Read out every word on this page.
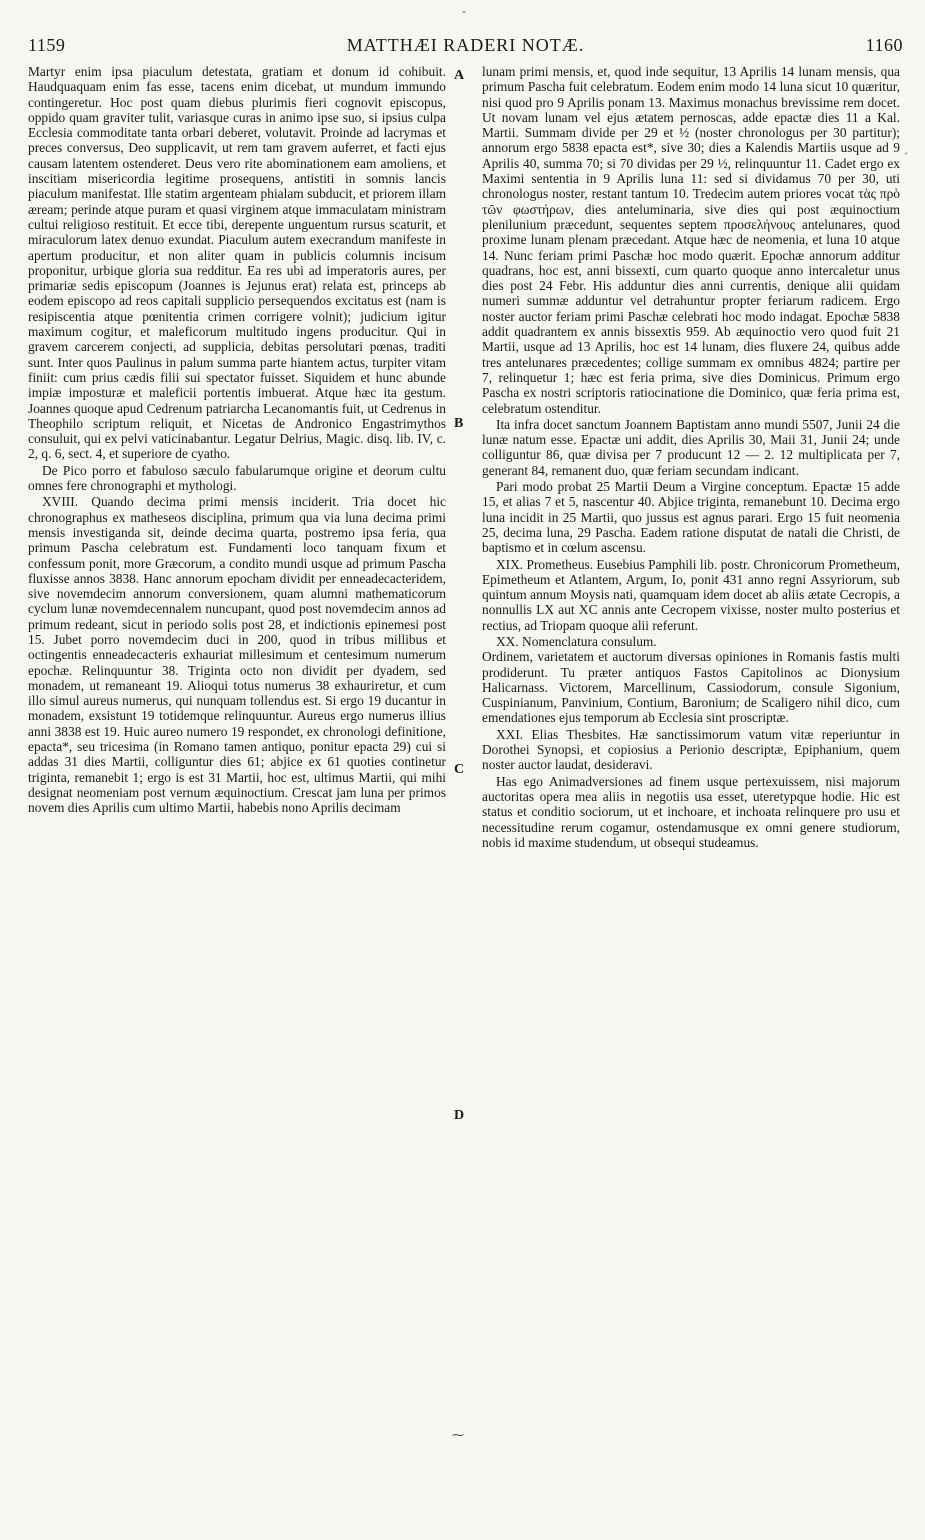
-
´
1159	MATTHÆI RADERI NOTÆ.	1160
A
B
C
D

Martyr enim ipsa piaculum detestata, gratiam et donum id cohibuit. Haudquaquam enim fas esse, tacens enim dicebat, ut mundum immundo contingeretur. Hoc post quam diebus plurimis fieri cognovit episcopus, oppido quam graviter tulit, variasque curas in animo ipse suo, si ipsius culpa Ecclesia commoditate tanta orbari deberet, volutavit. Proinde ad lacrymas et preces conversus, Deo supplicavit, ut rem tam gravem auferret, et facti ejus causam latentem ostenderet. Deus vero rite abominationem eam amoliens, et inscitiam misericordia legitime prosequens, antistiti in somnis lancis piaculum manifestat. Ille statim argenteam phialam subducit, et priorem illam æream; perinde atque puram et quasi virginem atque immaculatam ministram cultui religioso restituit. Et ecce tibi, derepente unguentum rursus scaturit, et miraculorum latex denuo exundat. Piaculum autem execrandum manifeste in apertum producitur, et non aliter quam in publicis columnis incisum proponitur, urbique gloria sua redditur. Ea res ubi ad imperatoris aures, per primariæ sedis episcopum (Joannes is Jejunus erat) relata est, princeps ab eodem episcopo ad reos capitali supplicio persequendos excitatus est (nam is resipiscentia atque pœnitentia crimen corrigere volnit); judicium igitur maximum cogitur, et maleficorum multitudo ingens producitur. Qui in gravem carcerem conjecti, ad supplicia, debitas persolutari pœnas, traditi sunt. Inter quos Paulinus in palum summa parte hiantem actus, turpiter vitam finiit: cum prius cædis filii sui spectator fuisset. Siquidem et hunc abunde impiæ imposturæ et maleficii portentis imbuerat. Atque hæc ita gestum. Joannes quoque apud Cedrenum patriarcha Lecanomantis fuit, ut Cedrenus in Theophilo scriptum reliquit, et Nicetas de Andronico Engastrimythos consuluit, qui ex pelvi vaticinabantur. Legatur Delrius, Magic. disq. lib. IV, c. 2, q. 6, sect. 4, et superiore de cyatho.

De Pico porro et fabuloso sæculo fabularumque origine et deorum cultu omnes fere chronographi et mythologi.

XVIII. Quando decima primi mensis inciderit. Tria docet hic chronographus ex matheseos disciplina, primum qua via luna decima primi mensis investiganda sit, deinde decima quarta, postremo ipsa feria, qua primum Pascha celebratum est. Fundamenti loco tanquam fixum et confessum ponit, more Græcorum, a condito mundi usque ad primum Pascha fluxisse annos 3838. Hanc annorum epocham dividit per enneadecacteridem, sive novemdecim annorum conversionem, quam alumni mathematicorum cyclum lunæ novemdecennalem nuncupant, quod post novemdecim annos ad primum redeant, sicut in periodo solis post 28, et indictionis epinemesi post 15. Jubet porro novemdecim duci in 200, quod in tribus millibus et octingentis enneadecacteris exhauriat millesimum et centesimum numerum epochæ. Relinquuntur 38. Triginta octo non dividit per dyadem, sed monadem, ut remaneant 19. Alioqui totus numerus 38 exhauriretur, et cum illo simul aureus numerus, qui nunquam tollendus est. Si ergo 19 ducantur in monadem, exsistunt 19 totidemque relinquuntur. Aureus ergo numerus illius anni 3838 est 19. Huic aureo numero 19 respondet, ex chronologi definitione, epacta*, seu tricesima (in Romano tamen antiquo, ponitur epacta 29) cui si addas 31 dies Martii, colliguntur dies 61; abjice ex 61 quoties continetur triginta, remanebit 1; ergo is est 31 Martii, hoc est, ultimus Martii, qui mihi designat neomeniam post vernum æquinoctium. Crescat jam luna per primos novem dies Aprilis cum ultimo Martii, habebis nono Aprilis decimam

lunam primi mensis, et, quod inde sequitur, 13 Aprilis 14 lunam mensis, qua primum Pascha fuit celebratum. Eodem enim modo 14 luna sicut 10 quæritur, nisi quod pro 9 Aprilis ponam 13. Maximus monachus brevissime rem docet. Ut novam lunam vel ejus ætatem pernoscas, adde epactæ dies 11 a Kal. Martii. Summam divide per 29 et ½ (noster chronologus per 30 partitur); annorum ergo 5838 epacta est*, sive 30; dies a Kalendis Martiis usque ad 9 Aprilis 40, summa 70; si 70 dividas per 29 ½, relinquuntur 11. Cadet ergo ex Maximi sententia in 9 Aprilis luna 11: sed si dividamus 70 per 30, uti chronologus noster, restant tantum 10. Tredecim autem priores vocat τὰς πρὸ τῶν φωστήρων, dies anteluminaria, sive dies qui post æquinoctium plenilunium præcedunt, sequentes septem προσελήνους antelunares, quod proxime lunam plenam præcedant. Atque hæc de neomenia, et luna 10 atque 14. Nunc feriam primi Paschæ hoc modo quærit. Epochæ annorum additur quadrans, hoc est, anni bissexti, cum quarto quoque anno intercaletur unus dies post 24 Febr. His adduntur dies anni currentis, denique alii quidam numeri summæ adduntur vel detrahuntur propter feriarum radicem. Ergo noster auctor feriam primi Paschæ celebrati hoc modo indagat. Epochæ 5838 addit quadrantem ex annis bissextis 959. Ab æquinoctio vero quod fuit 21 Martii, usque ad 13 Aprilis, hoc est 14 lunam, dies fluxere 24, quibus adde tres antelunares præcedentes; collige summam ex omnibus 4824; partire per 7, relinquetur 1; hæc est feria prima, sive dies Dominicus. Primum ergo Pascha ex nostri scriptoris ratiocinatione die Dominico, quæ feria prima est, celebratum ostenditur.

Ita infra docet sanctum Joannem Baptistam anno mundi 5507, Junii 24 die lunæ natum esse. Epactæ uni addit, dies Aprilis 30, Maii 31, Junii 24; unde colliguntur 86, quæ divisa per 7 producunt 12 — 2. 12 multiplicata per 7, generant 84, remanent duo, quæ feriam secundam indicant.

Pari modo probat 25 Martii Deum a Virgine conceptum. Epactæ 15 adde 15, et alias 7 et 5, nascentur 40. Abjice triginta, remanebunt 10. Decima ergo luna incidit in 25 Martii, quo jussus est agnus parari. Ergo 15 fuit neomenia 25, decima luna, 29 Pascha. Eadem ratione disputat de natali die Christi, de baptismo et in cœlum ascensu.

XIX. Prometheus. Eusebius Pamphili lib. postr. Chronicorum Prometheum, Epimetheum et Atlantem, Argum, Io, ponit 431 anno regni Assyriorum, sub quintum annum Moysis nati, quamquam idem docet ab aliis ætate Cecropis, a nonnullis LX aut XC annis ante Cecropem vixisse, noster multo posterius et rectius, ad Triopam quoque alii referunt.

XX. Nomenclatura consulum.

Ordinem, varietatem et auctorum diversas opiniones in Romanis fastis multi prodiderunt. Tu præter antiquos Fastos Capitolinos ac Dionysium Halicarnass. Victorem, Marcellinum, Cassiodorum, consule Sigonium, Cuspinianum, Panvinium, Contium, Baronium; de Scaligero nihil dico, cum emendationes ejus temporum ab Ecclesia sint proscriptæ.

XXI. Elias Thesbites. Hæ sanctissimorum vatum vitæ reperiuntur in Dorothei Synopsi, et copiosius a Perionio descriptæ, Epiphanium, quem noster auctor laudat, desideravi.

Has ego Animadversiones ad finem usque pertexuissem, nisi majorum auctoritas opera mea aliis in negotiis usa esset, uteretурque hodie. Hic est status et conditio sociorum, ut et inchoare, et inchoata relinquere pro usu et necessitudine rerum cogamur, ostendamusque ex omni genere studiorum, nobis id maxime studendum, ut obsequi studeamus.

⁓
